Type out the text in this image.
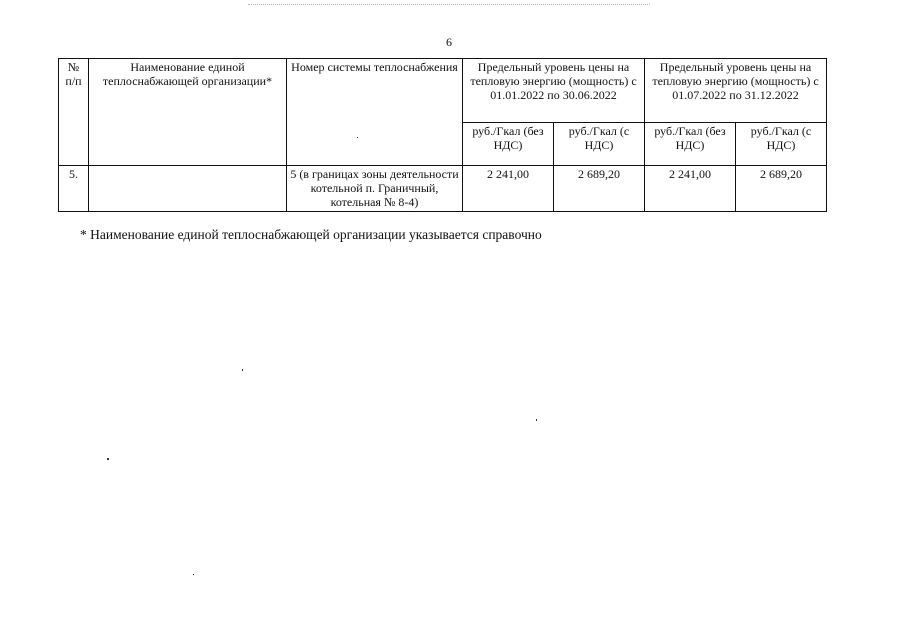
6
№ п/п	Наименование единой теплоснабжающей организации*	Номер системы теплоснабжения	Предельный уровень цены на тепловую энергию (мощность) с 01.01.2022 по 30.06.2022		Предельный уровень цены на тепловую энергию (мощность) с 01.07.2022 по 31.12.2022	
			руб./Гкал (без НДС)	руб./Гкал (с НДС)	руб./Гкал (без НДС)	руб./Гкал (с НДС)
5.		5 (в границах зоны деятельности котельной п. Граничный, котельная № 8-4)	2 241,00	2 689,20	2 241,00	2 689,20
* Наименование единой теплоснабжающей организации указывается справочно
